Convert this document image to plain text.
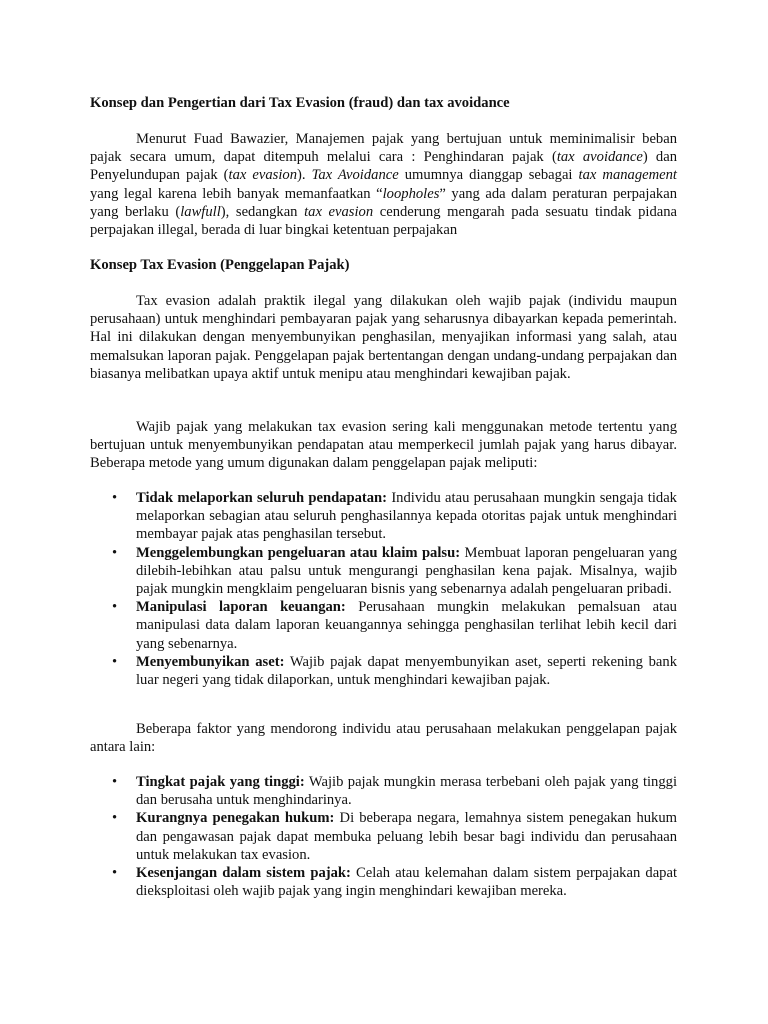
Konsep dan Pengertian dari Tax Evasion (fraud) dan tax avoidance

Menurut Fuad Bawazier, Manajemen pajak yang bertujuan untuk meminimalisir beban pajak secara umum, dapat ditempuh melalui cara : Penghindaran pajak (tax avoidance) dan Penyelundupan pajak (tax evasion). Tax Avoidance umumnya dianggap sebagai tax management yang legal karena lebih banyak memanfaatkan “loopholes” yang ada dalam peraturan perpajakan yang berlaku (lawfull), sedangkan tax evasion cenderung mengarah pada sesuatu tindak pidana perpajakan illegal, berada di luar bingkai ketentuan perpajakan

Konsep Tax Evasion (Penggelapan Pajak)

Tax evasion adalah praktik ilegal yang dilakukan oleh wajib pajak (individu maupun perusahaan) untuk menghindari pembayaran pajak yang seharusnya dibayarkan kepada pemerintah. Hal ini dilakukan dengan menyembunyikan penghasilan, menyajikan informasi yang salah, atau memalsukan laporan pajak. Penggelapan pajak bertentangan dengan undang-undang perpajakan dan biasanya melibatkan upaya aktif untuk menipu atau menghindari kewajiban pajak.

Wajib pajak yang melakukan tax evasion sering kali menggunakan metode tertentu yang bertujuan untuk menyembunyikan pendapatan atau memperkecil jumlah pajak yang harus dibayar. Beberapa metode yang umum digunakan dalam penggelapan pajak meliputi:

• Tidak melaporkan seluruh pendapatan: Individu atau perusahaan mungkin sengaja tidak melaporkan sebagian atau seluruh penghasilannya kepada otoritas pajak untuk menghindari membayar pajak atas penghasilan tersebut.
• Menggelembungkan pengeluaran atau klaim palsu: Membuat laporan pengeluaran yang dilebih-lebihkan atau palsu untuk mengurangi penghasilan kena pajak. Misalnya, wajib pajak mungkin mengklaim pengeluaran bisnis yang sebenarnya adalah pengeluaran pribadi.
• Manipulasi laporan keuangan: Perusahaan mungkin melakukan pemalsuan atau manipulasi data dalam laporan keuangannya sehingga penghasilan terlihat lebih kecil dari yang sebenarnya.
• Menyembunyikan aset: Wajib pajak dapat menyembunyikan aset, seperti rekening bank luar negeri yang tidak dilaporkan, untuk menghindari kewajiban pajak.

Beberapa faktor yang mendorong individu atau perusahaan melakukan penggelapan pajak antara lain:

• Tingkat pajak yang tinggi: Wajib pajak mungkin merasa terbebani oleh pajak yang tinggi dan berusaha untuk menghindarinya.
• Kurangnya penegakan hukum: Di beberapa negara, lemahnya sistem penegakan hukum dan pengawasan pajak dapat membuka peluang lebih besar bagi individu dan perusahaan untuk melakukan tax evasion.
• Kesenjangan dalam sistem pajak: Celah atau kelemahan dalam sistem perpajakan dapat dieksploitasi oleh wajib pajak yang ingin menghindari kewajiban mereka.
